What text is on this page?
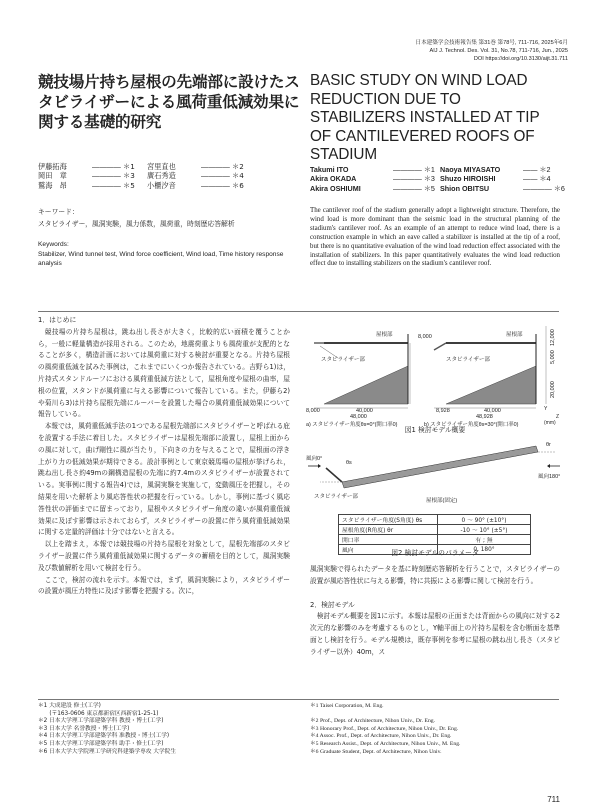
日本建築学会技術報告集 第31巻 第78号, 711-716, 2025年6月
AIJ J. Technol. Des. Vol. 31, No.78, 711-716, Jun., 2025
DOI https://doi.org/10.3130/aijt.31.711
競技場片持ち屋根の先端部に設けたスタビライザーによる風荷重低減効果に関する基礎的研究
BASIC STUDY ON WIND LOAD REDUCTION DUE TO STABILIZERS INSTALLED AT TIP OF CANTILEVERED ROOFS OF STADIUM
伊藤拓海	―――― ＊1	宮里直也	―――― ＊2
岡田　章	―――― ＊3	廣石秀造	―――― ＊4
鷲海　昂	―――― ＊5	小櫃汐音	―――― ＊6
Takumi ITO	―――― ＊1 Naoya MIYASATO	―― ＊2
Akira OKADA	―――― ＊3 Shuzo HIROISHI	―― ＊4
Akira OSHIUMI	―――― ＊5 Shion OBITSU	―――― ＊6
キーワード：
スタビライザー，風洞実験，風力係数，風荷重，時刻歴応答解析
Keywords:
Stabilizer, Wind tunnel test, Wind force coefficient, Wind load, Time history response analysis
The cantilever roof of the stadium generally adopt a lightweight structure. Therefore, the wind load is more dominant than the seismic load in the structural planning of the stadium's cantilever roof. As an example of an attempt to reduce wind load, there is a construction example in which an eave called a stabilizer is installed at the tip of a roof, but there is no quantitative evaluation of the wind load reduction effect associated with the installation of stabilizers. In this paper quantitatively evaluates the wind load reduction effect due to installing stabilizers on the stadium's cantilever roof.
1．はじめに
競技場の片持ち屋根は，跳ね出し長さが大きく，比較的広い面積を覆うことから，一般に軽量構造が採用される。このため，地震荷重よりも風荷重が支配的となることが多く，構造計画においては風荷重に対する検討が重要となる。片持ち屋根の風荷重低減を試みた事例は，これまでにいくつか報告されている。吉野ら1)は，片持式スタンドルーフにおける風荷重低減方法として，屋根角度や屋根の曲率，屋根の位置，スタンドが風荷重に与える影響について報告している。また，伊藤ら2)や菊川ら3)は片持ち屋根先端にルーバーを設置した場合の風荷重低減効果について報告している。
本報では，風荷重低減手法の1つである屋根先端部にスタビライザーと呼ばれる庇を設置する手法に着目した。スタビライザーは屋根先端部に設置し，屋根上面からの風に対して，曲げ剛性に風が当たり，下向きの力を与えることで，屋根面の浮き上がり力の低減効果が期待できる。設計事例として東京競馬場の屋根が挙げられ，跳ね出し長さ約49mの鋼構造屋根の先端に約7.4mのスタビライザーが設置されている。実事例に関する報告4)では，風洞実験を実施して，変動風圧を把握し，その結果を用いた解析より風応答性状の把握を行っている。しかし，事例に基づく風応答性状の評価までに留まっており，屋根やスタビライザー角度の違いが風荷重低減効果に及ぼす影響は示されておらず，スタビライザーの設置に伴う風荷重低減効果に関する定量的評価は十分ではないと言える。
以上を踏まえ，本報では競技場の片持ち屋根を対象として，屋根先端部のスタビライザー設置に伴う風荷重低減効果に関するデータの蓄積を目的として，風洞実験及び数値解析を用いて検討を行う。
ここで，検討の流れを示す。本報では，まず，風洞実験により，スタビライザーの設置が風圧力特性に及ぼす影響を把握する。次に，
屋根部
スタビライザー部
8,000	40,000
48,000
屋根部
スタビライザー部
8,000	12,000
5,000
20,000
8,928	40,000
48,928
Y
Z
(mm)
a) スタビライザー角度θs=0°(開口率0)	b) スタビライザー角度θs=30°(開口率0)
図1 検討モデル概要
風向0°
風向180°
θs
θr
スタビライザー部
屋根部(固定)
スタビライザー角度(S角度) θs	0 ～ 90° (±10°)
屋根角度(R角度) θr	-10 ～ 10° (±5°)
開口率	有 ; 無
風向	0, 180°
図2 検討モデルのパラメータ
風洞実験で得られたデータを基に時刻歴応答解析を行うことで，スタビライザーの設置が風応答性状に与える影響，特に共振による影響に関して検討を行う。
2．検討モデル
検討モデル概要を図1に示す。本報は屋根の正面または背面からの風向に対する2次元的な影響のみを考慮するものとし，Y軸平面上の片持ち屋根を含む断面を基準面とし検討を行う。モデル規模は，既存事例を参考に屋根の跳ね出し長さ（スタビライザー以外）40m，ス
＊1 大成建設 修士(工学)
　　(〒163-0606 東京都新宿区西新宿1-25-1)
＊2 日本大学理工学部建築学科 教授・博士(工学)
＊3 日本大学 名誉教授・博士(工学)
＊4 日本大学理工学部建築学科 准教授・博士(工学)
＊5 日本大学理工学部建築学科 助手・修士(工学)
＊6 日本大学大学院理工学研究科建築学専攻 大学院生
＊1 Taisei Corporation, M. Eng.
＊2 Prof., Dept. of Architecture, Nihon Univ., Dr. Eng.
＊3 Honorary Prof., Dept. of Architecture, Nihon Univ., Dr. Eng.
＊4 Assoc. Prof., Dept. of Architecture, Nihon Univ., Dr. Eng.
＊5 Research Assist., Dept. of Architecture, Nihon Univ., M. Eng.
＊6 Graduate Student, Dept. of Architecture, Nihon Univ.
711
